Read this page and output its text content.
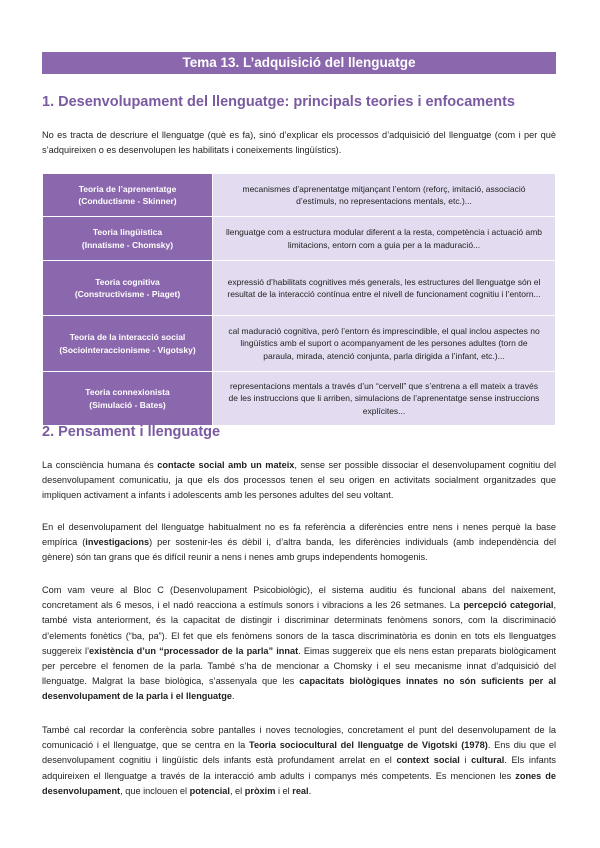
Tema 13. L’adquisició del llenguatge
1. Desenvolupament del llenguatge: principals teories i enfocaments

No es tracta de descriure el llenguatge (què es fa), sinó d’explicar els processos d’adquisició del llenguatge (com i per què s’adquireixen o es desenvolupen les habilitats i coneixements lingüístics).

Teoria de l’aprenentatge
(Conductisme - Skinner)	mecanismes d’aprenentatge mitjançant l’entorn (reforç, imitació, associació d’estímuls, no representacions mentals, etc.)...

Teoria lingüística
(Innatisme - Chomsky)	llenguatge com a estructura modular diferent a la resta, competència i actuació amb limitacions, entorn com a guia per a la maduració...

Teoria cognitiva
(Constructivisme - Piaget)	expressió d’habilitats cognitives més generals, les estructures del llenguatge són el resultat de la interacció contínua entre el nivell de funcionament cognitiu i l’entorn...

Teoria de la interacció social
(Sociointeraccionisme - Vigotsky)	cal maduració cognitiva, però l’entorn és imprescindible, el qual inclou aspectes no lingüístics amb el suport o acompanyament de les persones adultes (torn de paraula, mirada, atenció conjunta, parla dirigida a l’infant, etc.)...

Teoria connexionista
(Simulació - Bates)	representacions mentals a través d’un “cervell” que s’entrena a ell mateix a través de les instruccions que li arriben, simulacions de l’aprenentatge sense instruccions explícites...
2. Pensament i llenguatge

La consciència humana és contacte social amb un mateix, sense ser possible dissociar el desenvolupament cognitiu del desenvolupament comunicatiu, ja que els dos processos tenen el seu origen en activitats socialment organitzades que impliquen activament a infants i adolescents amb les persones adultes del seu voltant.

En el desenvolupament del llenguatge habitualment no es fa referència a diferències entre nens i nenes perquè la base empírica (investigacions) per sostenir-les és dèbil i, d’altra banda, les diferències individuals (amb independència del gènere) són tan grans que és difícil reunir a nens i nenes amb grups independents homogenis.

Com vam veure al Bloc C (Desenvolupament Psicobiològic), el sistema auditiu és funcional abans del naixement, concretament als 6 mesos, i el nadó reacciona a estímuls sonors i vibracions a les 26 setmanes. La percepció categorial, també vista anteriorment, és la capacitat de distingir i discriminar determinats fenòmens sonors, com la discriminació d’elements fonètics (“ba, pa”). El fet que els fenòmens sonors de la tasca discriminatòria es donin en tots els llenguatges suggereix l’existència d’un “processador de la parla” innat. Eimas suggereix que els nens estan preparats biològicament per percebre el fenomen de la parla. També s’ha de mencionar a Chomsky i el seu mecanisme innat d’adquisició del llenguatge. Malgrat la base biològica, s’assenyala que les capacitats biològiques innates no són suficients per al desenvolupament de la parla i el llenguatge.

També cal recordar la conferència sobre pantalles i noves tecnologies, concretament el punt del desenvolupament de la comunicació i el llenguatge, que se centra en la Teoria sociocultural del llenguatge de Vigotski (1978). Ens diu que el desenvolupament cognitiu i lingüístic dels infants està profundament arrelat en el context social i cultural. Els infants adquireixen el llenguatge a través de la interacció amb adults i companys més competents. Es mencionen les zones de desenvolupament, que inclouen el potencial, el pròxim i el real.
